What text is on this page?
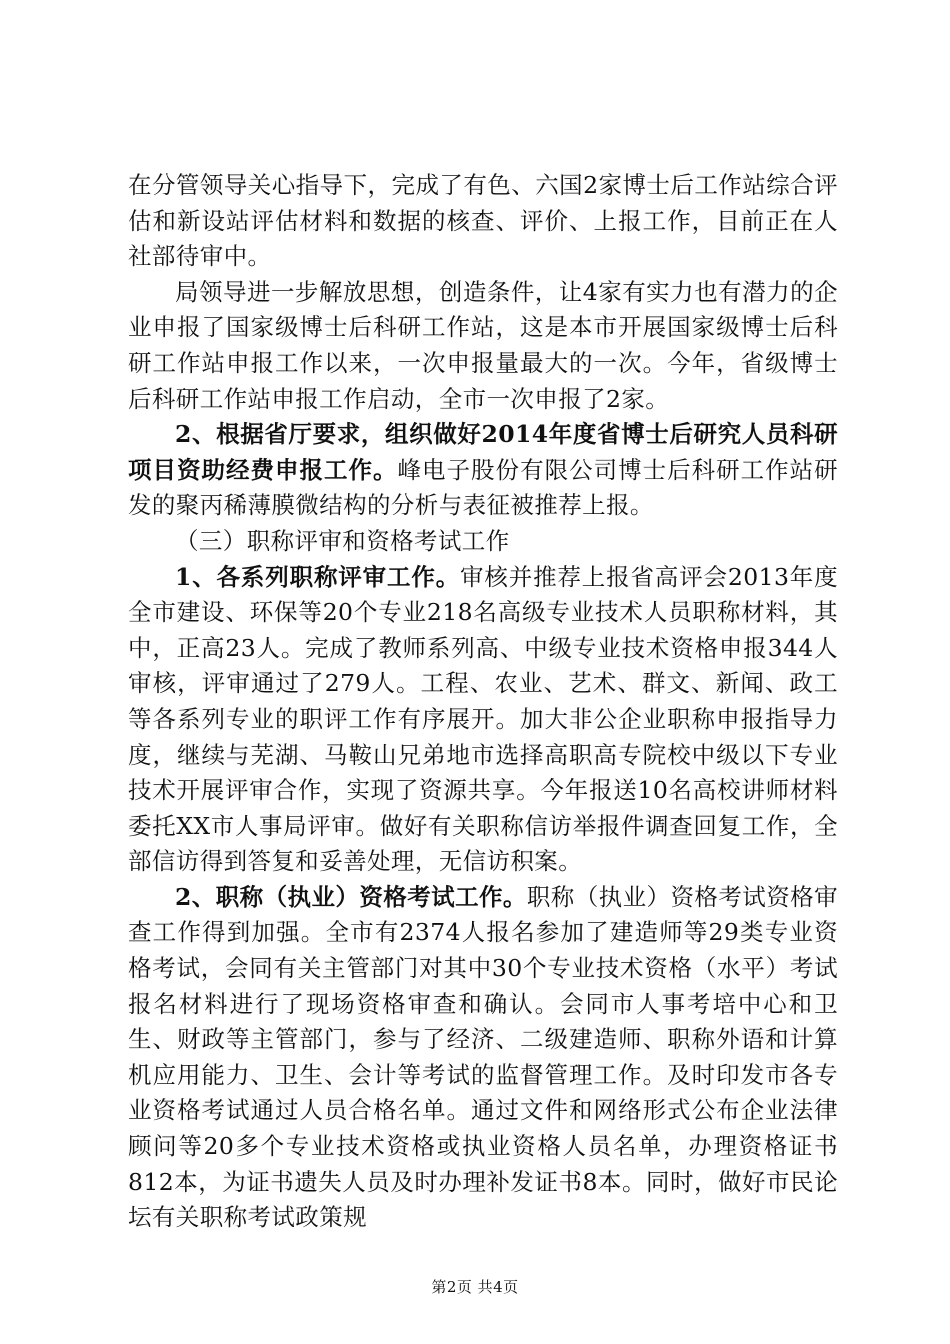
在分管领导关心指导下，完成了有色、六国2家博士后工作站综合评估和新设站评估材料和数据的核查、评价、上报工作，目前正在人社部待审中。

局领导进一步解放思想，创造条件，让4家有实力也有潜力的企业申报了国家级博士后科研工作站，这是本市开展国家级博士后科研工作站申报工作以来，一次申报量最大的一次。今年，省级博士后科研工作站申报工作启动，全市一次申报了2家。

2、根据省厅要求，组织做好2014年度省博士后研究人员科研项目资助经费申报工作。峰电子股份有限公司博士后科研工作站研发的聚丙稀薄膜微结构的分析与表征被推荐上报。

（三）职称评审和资格考试工作

1、各系列职称评审工作。审核并推荐上报省高评会2013年度全市建设、环保等20个专业218名高级专业技术人员职称材料，其中，正高23人。完成了教师系列高、中级专业技术资格申报344人审核，评审通过了279人。工程、农业、艺术、群文、新闻、政工等各系列专业的职评工作有序展开。加大非公企业职称申报指导力度，继续与芜湖、马鞍山兄弟地市选择高职高专院校中级以下专业技术开展评审合作，实现了资源共享。今年报送10名高校讲师材料委托XX市人事局评审。做好有关职称信访举报件调查回复工作，全部信访得到答复和妥善处理，无信访积案。

2、职称（执业）资格考试工作。职称（执业）资格考试资格审查工作得到加强。全市有2374人报名参加了建造师等29类专业资格考试，会同有关主管部门对其中30个专业技术资格（水平）考试报名材料进行了现场资格审查和确认。会同市人事考培中心和卫生、财政等主管部门，参与了经济、二级建造师、职称外语和计算机应用能力、卫生、会计等考试的监督管理工作。及时印发市各专业资格考试通过人员合格名单。通过文件和网络形式公布企业法律顾问等20多个专业技术资格或执业资格人员名单，办理资格证书812本，为证书遗失人员及时办理补发证书8本。同时，做好市民论坛有关职称考试政策规

第2页 共4页
